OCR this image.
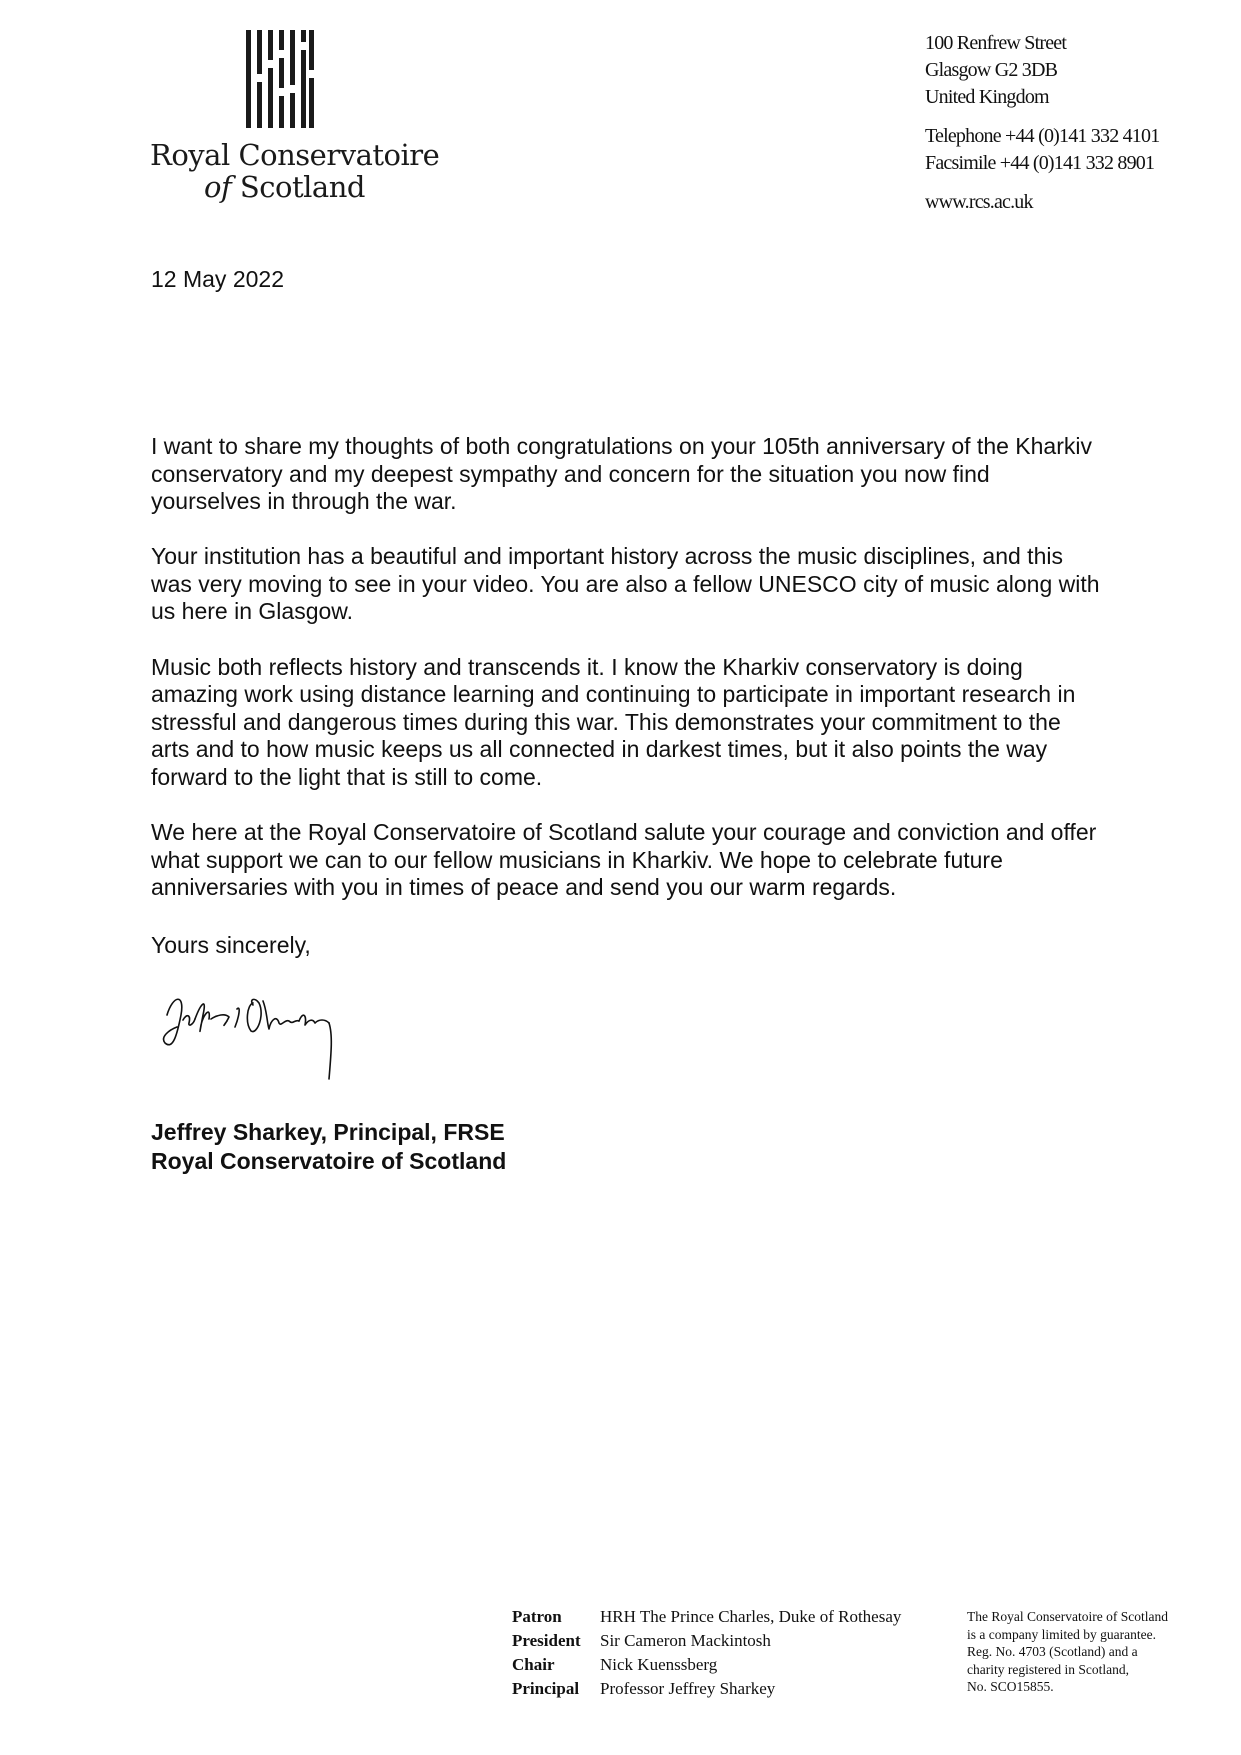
Royal Conservatoire
of Scotland
100 Renfrew Street
Glasgow G2 3DB
United Kingdom
Telephone +44 (0)141 332 4101
Facsimile +44 (0)141 332 8901
www.rcs.ac.uk
12 May 2022

I want to share my thoughts of both congratulations on your 105th anniversary of the Kharkiv conservatory and my deepest sympathy and concern for the situation you now find yourselves in through the war.

Your institution has a beautiful and important history across the music disciplines, and this was very moving to see in your video. You are also a fellow UNESCO city of music along with us here in Glasgow.

Music both reflects history and transcends it. I know the Kharkiv conservatory is doing amazing work using distance learning and continuing to participate in important research in stressful and dangerous times during this war. This demonstrates your commitment to the arts and to how music keeps us all connected in darkest times, but it also points the way forward to the light that is still to come.

We here at the Royal Conservatoire of Scotland salute your courage and conviction and offer what support we can to our fellow musicians in Kharkiv. We hope to celebrate future anniversaries with you in times of peace and send you our warm regards.

Yours sincerely,
Jeffrey Sharkey, Principal, FRSE
Royal Conservatoire of Scotland
Patron	HRH The Prince Charles, Duke of Rothesay
President	Sir Cameron Mackintosh
Chair	Nick Kuenssberg
Principal	Professor Jeffrey Sharkey
The Royal Conservatoire of Scotland
is a company limited by guarantee.
Reg. No. 4703 (Scotland) and a
charity registered in Scotland,
No. SCO15855.
